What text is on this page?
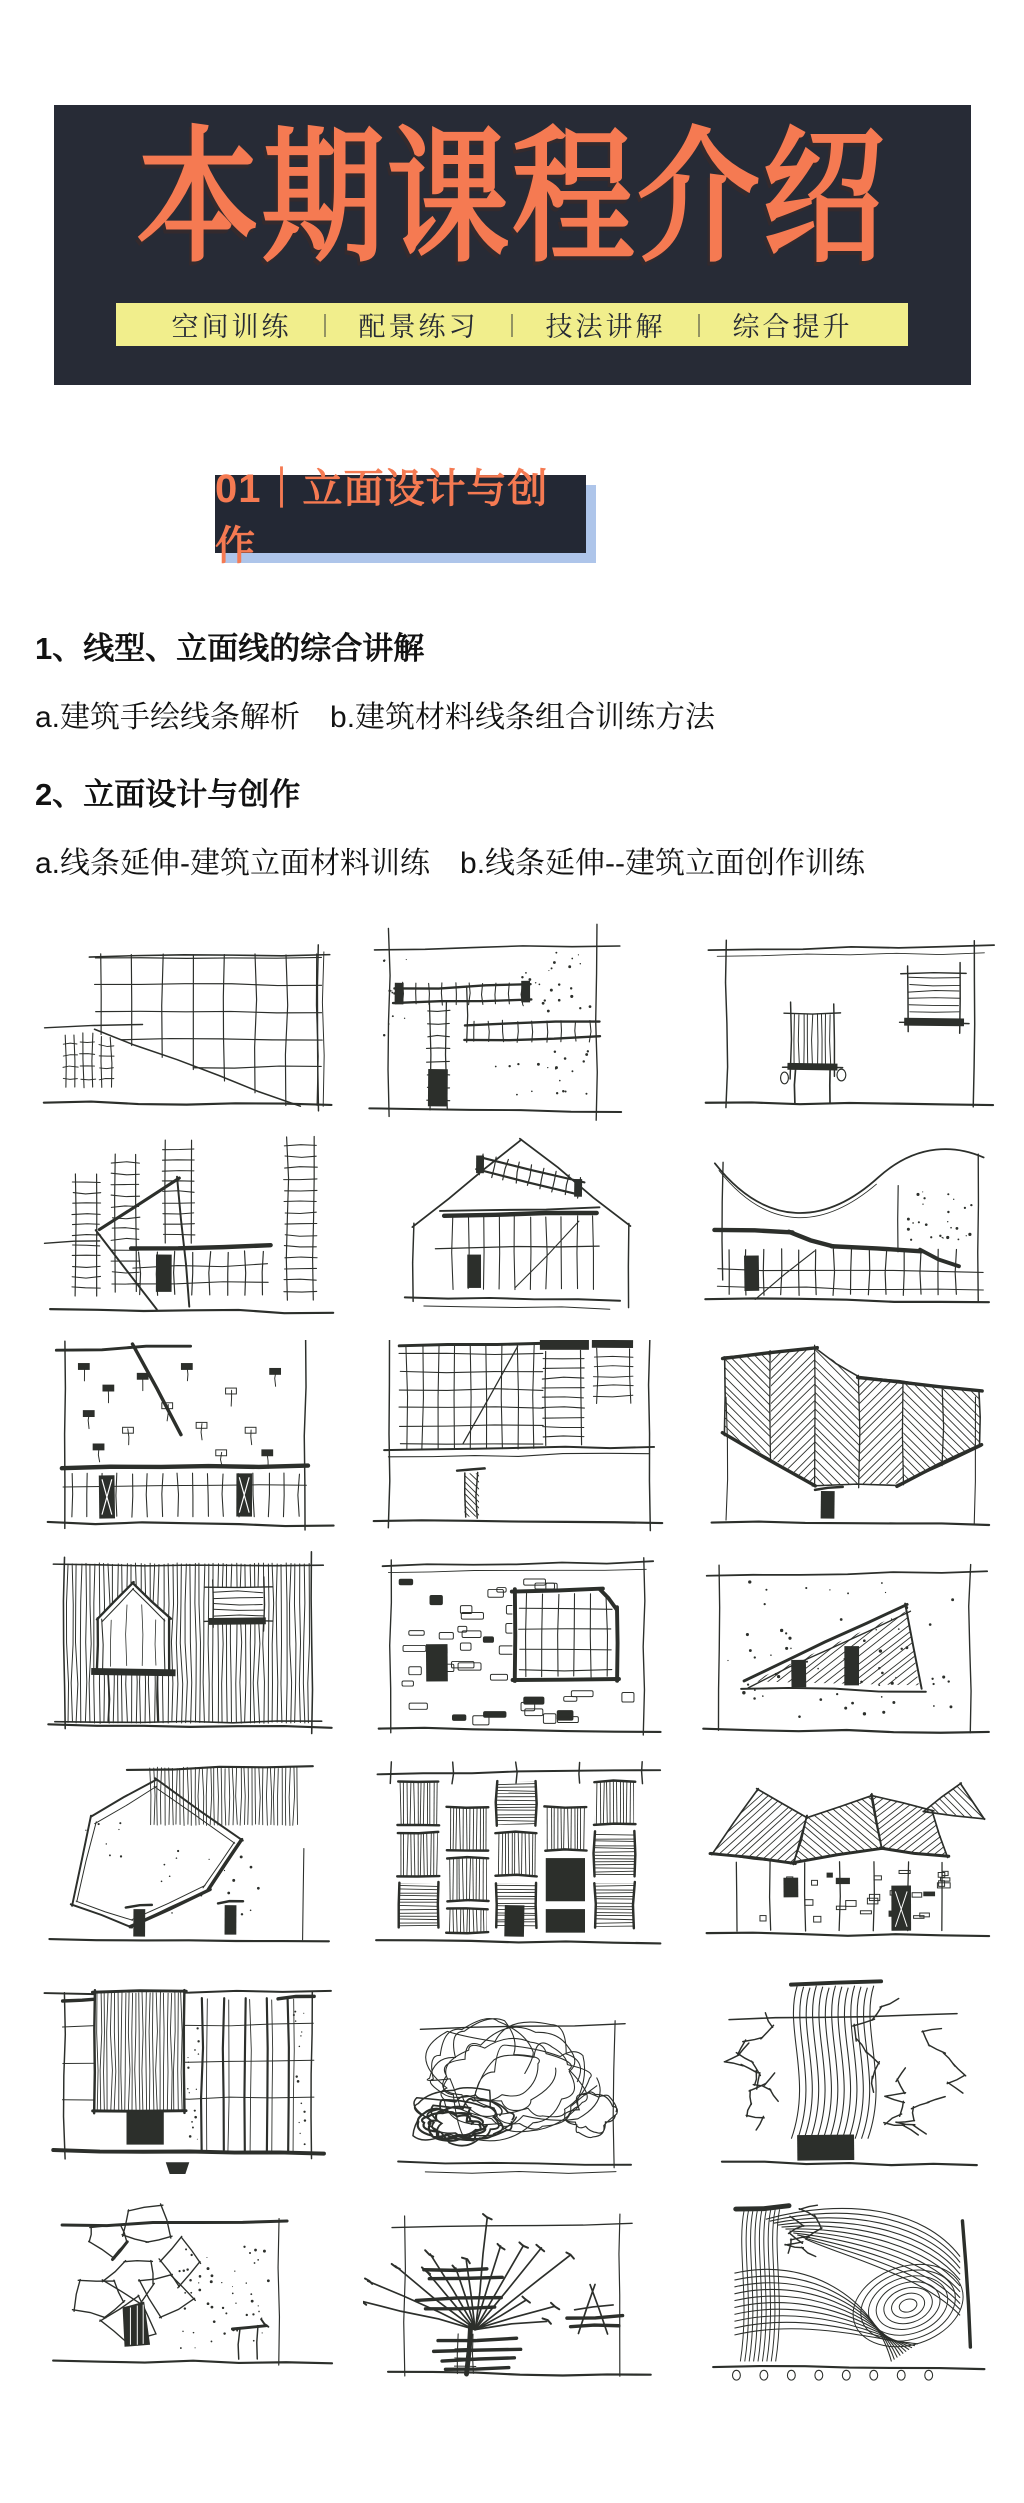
本期课程介绍
空间训练 ｜ 配景练习 ｜ 技法讲解 ｜ 综合提升
01｜立面设计与创作
1、线型、立面线的综合讲解

a.建筑手绘线条解析　b.建筑材料线条组合训练方法

2、立面设计与创作

a.线条延伸-建筑立面材料训练　b.线条延伸--建筑立面创作训练
